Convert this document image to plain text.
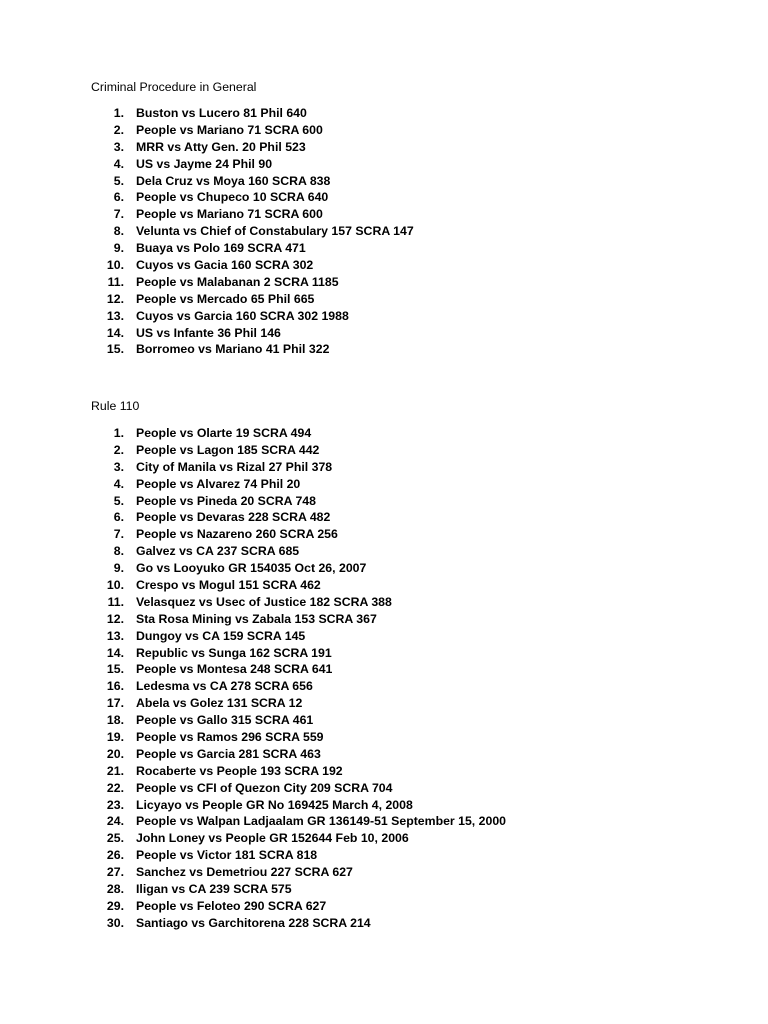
Criminal Procedure in General
1. Buston vs Lucero 81 Phil 640
2. People vs Mariano 71 SCRA 600
3. MRR vs Atty Gen. 20 Phil 523
4. US vs Jayme 24 Phil 90
5. Dela Cruz vs Moya 160 SCRA 838
6. People vs Chupeco 10 SCRA 640
7. People vs Mariano 71 SCRA 600
8. Velunta vs Chief of Constabulary 157 SCRA 147
9. Buaya vs Polo 169 SCRA 471
10. Cuyos vs Gacia 160 SCRA 302
11. People vs Malabanan 2 SCRA 1185
12. People vs Mercado 65 Phil 665
13. Cuyos vs Garcia 160 SCRA 302 1988
14. US vs Infante 36 Phil 146
15. Borromeo vs Mariano 41 Phil 322
Rule 110
1. People vs Olarte 19 SCRA 494
2. People vs Lagon 185 SCRA 442
3. City of Manila vs Rizal 27 Phil 378
4. People vs Alvarez 74 Phil 20
5. People vs Pineda 20 SCRA 748
6. People vs Devaras 228 SCRA 482
7. People vs Nazareno 260 SCRA 256
8. Galvez vs CA 237 SCRA 685
9. Go vs Looyuko GR 154035 Oct 26, 2007
10. Crespo vs Mogul 151 SCRA 462
11. Velasquez vs Usec of Justice 182 SCRA 388
12. Sta Rosa Mining vs Zabala 153 SCRA 367
13. Dungoy vs CA 159 SCRA 145
14. Republic vs Sunga 162 SCRA 191
15. People vs Montesa 248 SCRA 641
16. Ledesma vs CA 278 SCRA 656
17. Abela vs Golez 131 SCRA 12
18. People vs Gallo 315 SCRA 461
19. People vs Ramos 296 SCRA 559
20. People vs Garcia 281 SCRA 463
21. Rocaberte vs People 193 SCRA 192
22. People vs CFI of Quezon City 209 SCRA 704
23. Licyayo vs People GR No 169425 March 4, 2008
24. People vs Walpan Ladjaalam GR 136149-51 September 15, 2000
25. John Loney vs People GR 152644 Feb 10, 2006
26. People vs Victor 181 SCRA 818
27. Sanchez vs Demetriou 227 SCRA 627
28. Iligan vs CA 239 SCRA 575
29. People vs Feloteo 290 SCRA 627
30. Santiago vs Garchitorena 228 SCRA 214
